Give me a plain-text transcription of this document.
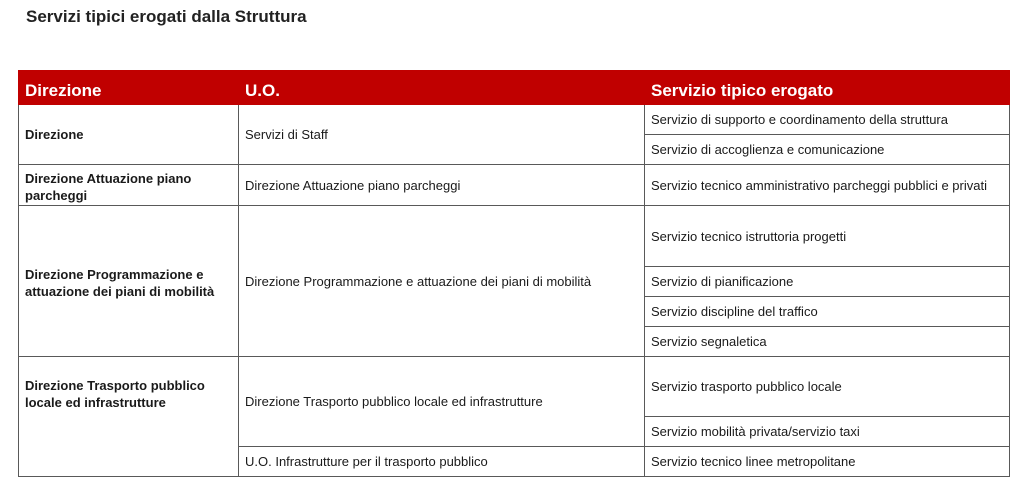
Servizi tipici erogati dalla Struttura
Direzione	U.O.	Servizio tipico erogato
Direzione	Servizi di Staff	Servizio di supporto e coordinamento della struttura
		Servizio di accoglienza e comunicazione
Direzione Attuazione piano parcheggi	Direzione Attuazione piano parcheggi	Servizio tecnico amministrativo parcheggi pubblici e privati
Direzione Programmazione e attuazione dei piani di mobilità	Direzione Programmazione e attuazione dei piani di mobilità	Servizio tecnico istruttoria progetti
		Servizio di pianificazione
		Servizio discipline del traffico
		Servizio segnaletica
Direzione Trasporto pubblico locale ed infrastrutture	Direzione Trasporto pubblico locale ed infrastrutture	Servizio trasporto pubblico locale
		Servizio mobilità privata/servizio taxi
	U.O. Infrastrutture per il trasporto pubblico	Servizio tecnico linee metropolitane
